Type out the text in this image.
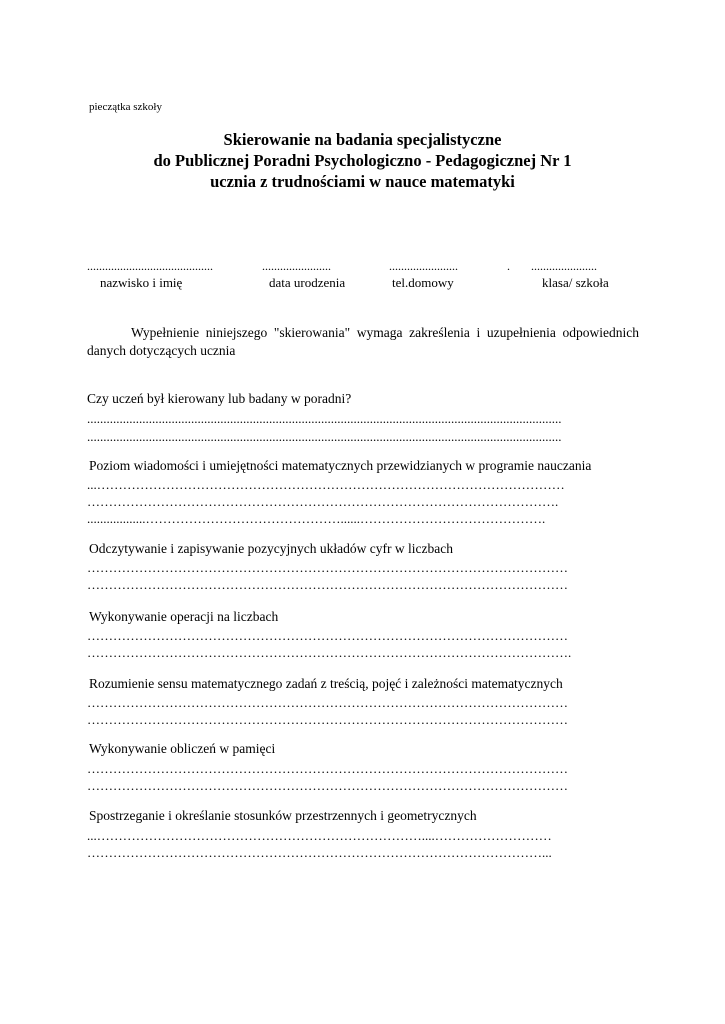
pieczątka szkoły
Skierowanie na badania specjalistyczne
do Publicznej Poradni Psychologiczno - Pedagogicznej Nr 1
ucznia z trudnościami w nauce matematyki
..........................................	.......................	.......................	. ......................
nazwisko i imię	data urodzenia	tel.domowy	klasa/ szkoła
Wypełnienie niniejszego "skierowania" wymaga zakreślenia i uzupełnienia odpowiednich danych dotyczących ucznia
Czy uczeń był kierowany lub badany w poradni?
..................................................................................................................................................
..................................................................................................................................................
Poziom wiadomości i umiejętności matematycznych przewidzianych w programie nauczania
...………………………………………………………………………………………………
……………………………………………………………………………………………….
..................………………………………………......…………………………………….
Odczytywanie i zapisywanie pozycyjnych układów cyfr w liczbach
…………………………………………………………………………………………………
…………………………………………………………………………………………………
Wykonywanie operacji na liczbach
…………………………………………………………………………………………………
………………………………………………………………………………………………….
Rozumienie sensu matematycznego zadań z treścią, pojęć i zależności matematycznych
…………………………………………………………………………………………………
…………………………………………………………………………………………………
Wykonywanie obliczeń w pamięci
…………………………………………………………………………………………………
…………………………………………………………………………………………………
Spostrzeganie i określanie stosunków przestrzennych i geometrycznych
...…………………………………………………………………....………………………
……………………………………………………………………………………………...
